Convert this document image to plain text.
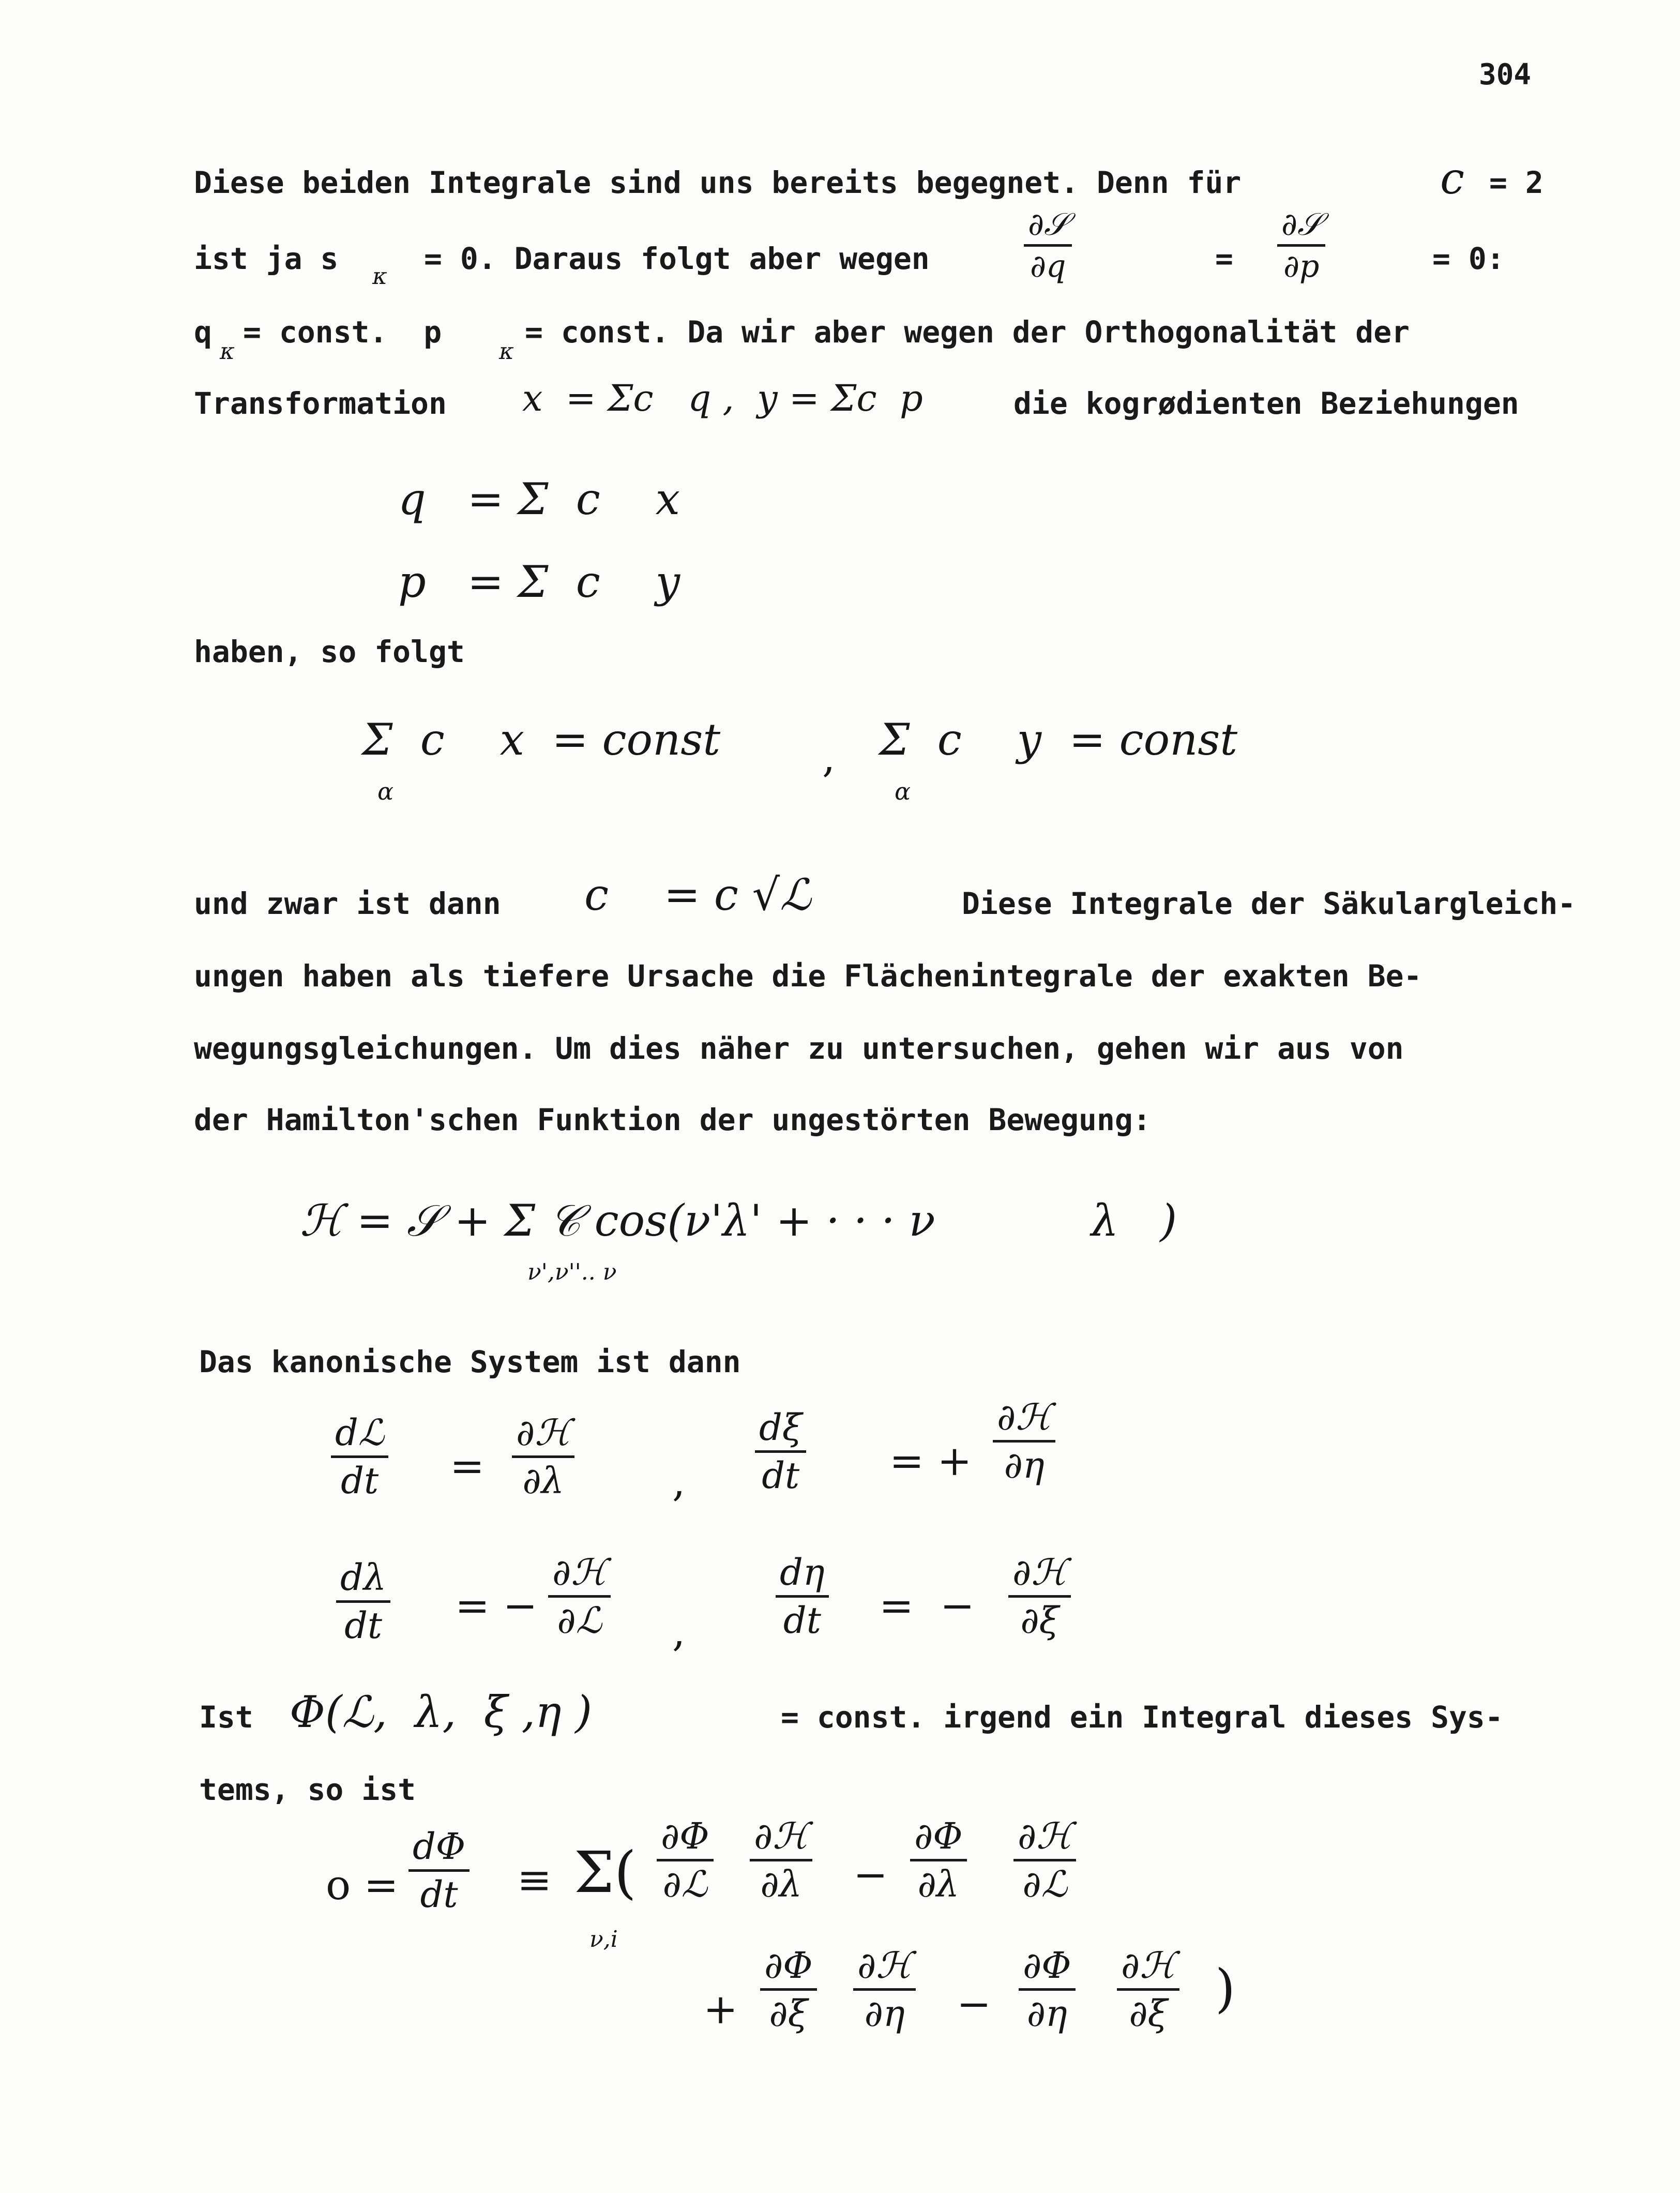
304
Diese beiden Integrale sind uns bereits begegnet. Denn für	c = 2
ist ja s
κ
= 0. Daraus folgt aber wegen
∂𝒮
∂q	=
∂𝒮
∂p	= 0:
q
κ
= const.  p
κ
= const. Da wir aber wegen der Orthogonalität der
Transformation x  = Σc   q ,  y = Σc  p	die kogrødienten Beziehungen
q   = Σ  c    x
p   = Σ  c    y
haben, so folgt
Σ  c    x  = const
α
, Σ  c    y  = const
α
und zwar ist dann c    = c √ℒ	Diese Integrale der Säkulargleich-
ungen haben als tiefere Ursache die Flächenintegrale der exakten Be-
wegungsgleichungen. Um dies näher zu untersuchen, gehen wir aus von
der Hamilton'schen Funktion der ungestörten Bewegung:
ℋ = 𝒮 + Σ 𝒞 cos(ν'λ' + · · · ν	λ   )
ν',ν''.. ν
Das kanonische System ist dann
dℒ
dt =
∂ℋ
∂λ	,
dξ
dt = +
∂ℋ
∂η
dλ
dt = −
∂ℋ
∂ℒ ,
dη
dt =  −
∂ℋ
∂ξ
Ist Φ(ℒ,  λ,  ξ ,η )	= const. irgend ein Integral dieses Sys-
tems, so ist
o =
dΦ
dt ≡ Σ(
ν,i
∂Φ
∂ℒ
∂ℋ
∂λ −
∂Φ
∂λ
∂ℋ
∂ℒ
+
∂Φ
∂ξ
∂ℋ
∂η −
∂Φ
∂η
∂ℋ
∂ξ )
